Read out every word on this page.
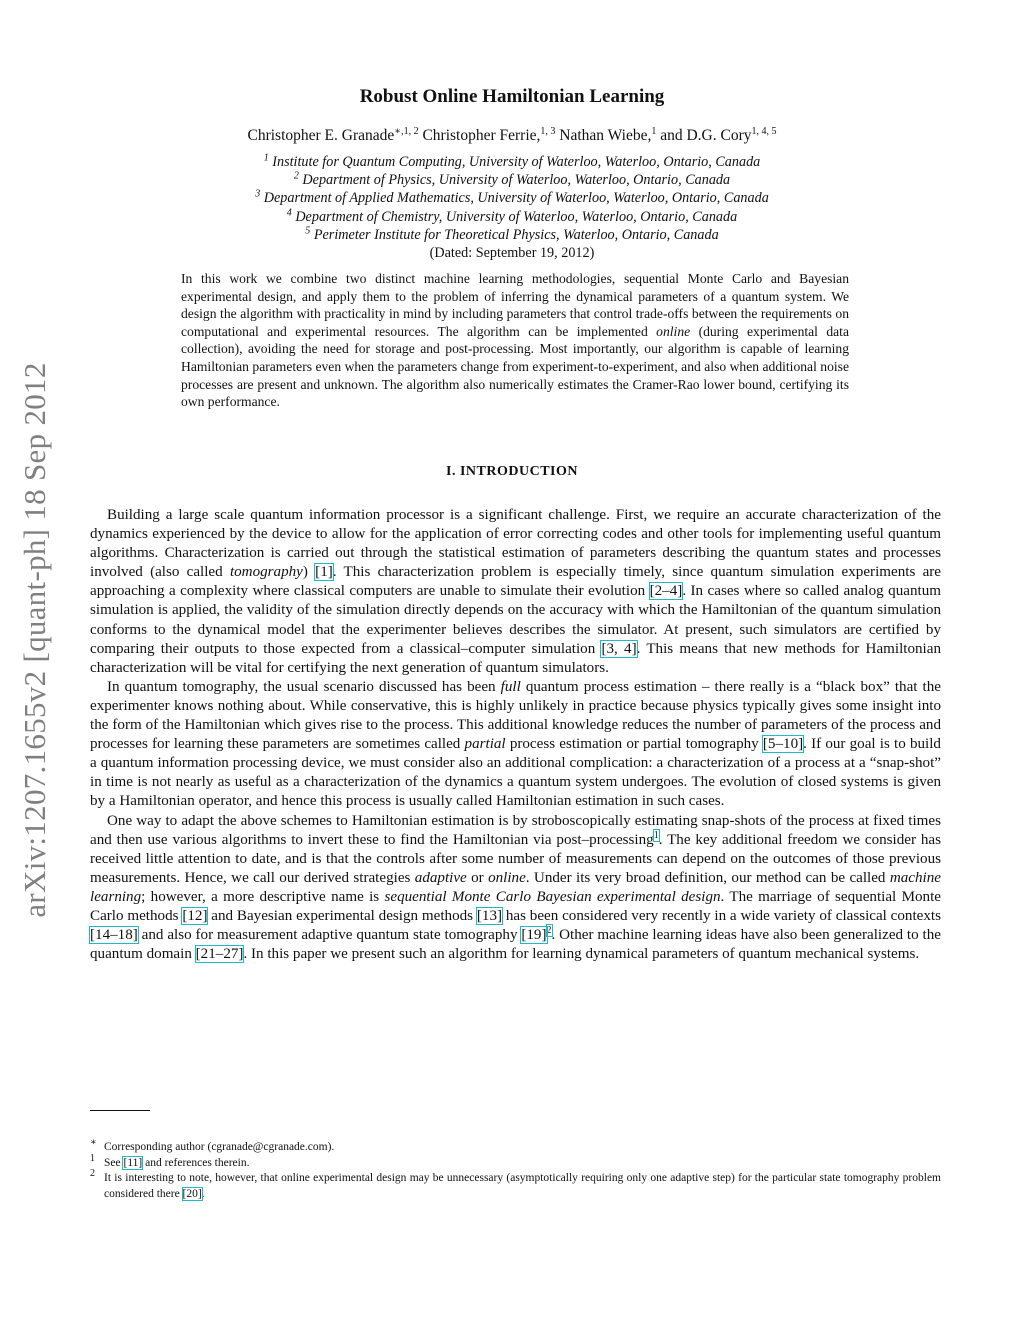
arXiv:1207.1655v2 [quant-ph] 18 Sep 2012
Robust Online Hamiltonian Learning
Christopher E. Granade$^{∗,1, 2}$ Christopher Ferrie,$^{1, 3}$ Nathan Wiebe,$^1$ and D.G. Cory$^{1, 4, 5}$
$^1$ Institute for Quantum Computing, University of Waterloo, Waterloo, Ontario, Canada
$^2$ Department of Physics, University of Waterloo, Waterloo, Ontario, Canada
$^3$ Department of Applied Mathematics, University of Waterloo, Waterloo, Ontario, Canada
$^4$ Department of Chemistry, University of Waterloo, Waterloo, Ontario, Canada
$^5$ Perimeter Institute for Theoretical Physics, Waterloo, Ontario, Canada
(Dated: September 19, 2012)
In this work we combine two distinct machine learning methodologies, sequential Monte Carlo and Bayesian experimental design, and apply them to the problem of inferring the dynamical parameters of a quantum system. We design the algorithm with practicality in mind by including parameters that control trade-offs between the requirements on computational and experimental resources. The algorithm can be implemented online (during experimental data collection), avoiding the need for storage and post-processing. Most importantly, our algorithm is capable of learning Hamiltonian parameters even when the parameters change from experiment-to-experiment, and also when additional noise processes are present and unknown. The algorithm also numerically estimates the Cramer-Rao lower bound, certifying its own performance.
I. INTRODUCTION

Building a large scale quantum information processor is a significant challenge. First, we require an accurate characterization of the dynamics experienced by the device to allow for the application of error correcting codes and other tools for implementing useful quantum algorithms. Characterization is carried out through the statistical estimation of parameters describing the quantum states and processes involved (also called tomography) [1]. This characterization problem is especially timely, since quantum simulation experiments are approaching a complexity where classical computers are unable to simulate their evolution [2–4]. In cases where so called analog quantum simulation is applied, the validity of the simulation directly depends on the accuracy with which the Hamiltonian of the quantum simulation conforms to the dynamical model that the experimenter believes describes the simulator. At present, such simulators are certified by comparing their outputs to those expected from a classical–computer simulation [3, 4]. This means that new methods for Hamiltonian characterization will be vital for certifying the next generation of quantum simulators.

In quantum tomography, the usual scenario discussed has been full quantum process estimation – there really is a “black box” that the experimenter knows nothing about. While conservative, this is highly unlikely in practice because physics typically gives some insight into the form of the Hamiltonian which gives rise to the process. This additional knowledge reduces the number of parameters of the process and processes for learning these parameters are sometimes called partial process estimation or partial tomography [5–10]. If our goal is to build a quantum information processing device, we must consider also an additional complication: a characterization of a process at a “snap-shot” in time is not nearly as useful as a characterization of the dynamics a quantum system undergoes. The evolution of closed systems is given by a Hamiltonian operator, and hence this process is usually called Hamiltonian estimation in such cases.

One way to adapt the above schemes to Hamiltonian estimation is by stroboscopically estimating snap-shots of the process at fixed times and then use various algorithms to invert these to find the Hamiltonian via post–processing$^1$. The key additional freedom we consider has received little attention to date, and is that the controls after some number of measurements can depend on the outcomes of those previous measurements. Hence, we call our derived strategies adaptive or online. Under its very broad definition, our method can be called machine learning; however, a more descriptive name is sequential Monte Carlo Bayesian experimental design. The marriage of sequential Monte Carlo methods [12] and Bayesian experimental design methods [13] has been considered very recently in a wide variety of classical contexts [14–18] and also for measurement adaptive quantum state tomography [19]$^2$. Other machine learning ideas have also been generalized to the quantum domain [21–27]. In this paper we present such an algorithm for learning dynamical parameters of quantum mechanical systems.

∗ Corresponding author (cgranade@cgranade.com).

$^1$ See [11] and references therein.

$^2$ It is interesting to note, however, that online experimental design may be unnecessary (asymptotically requiring only one adaptive step) for the particular state tomography problem considered there [20].
